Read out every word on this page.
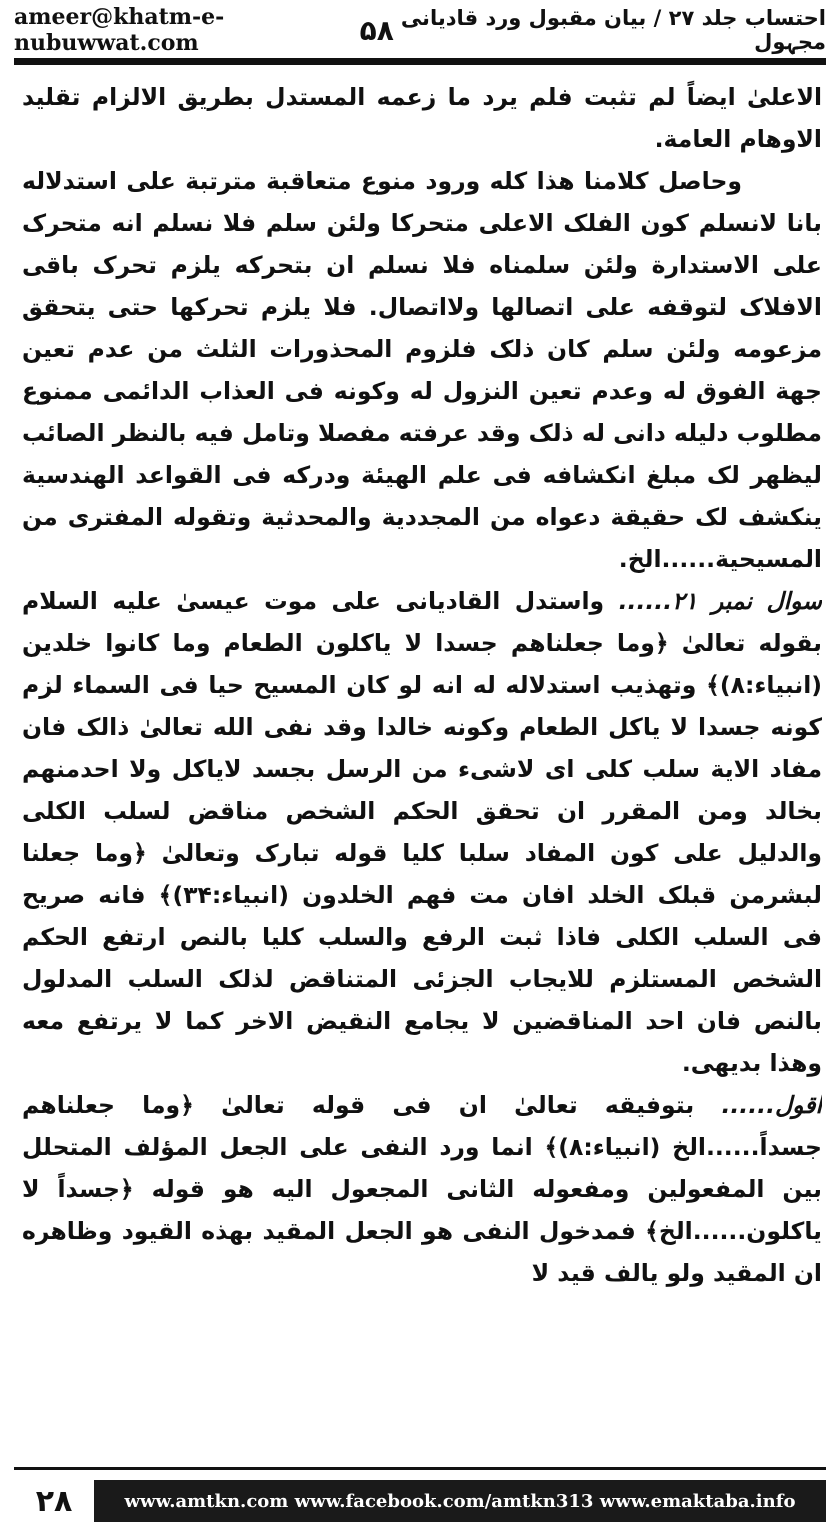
ameer@khatm-e-nubuwwat.com	۵۸ احتساب جلد ۲۷ / بیان مقبول ورد قادیانی مجہول

الاعلیٰ ایضاً لم تثبت فلم یرد ما زعمه المستدل بطریق الالزام تقلید الاوهام العامة.

وحاصل کلامنا هذا کله ورود منوع متعاقبة مترتبة علی استدلاله بانا لانسلم کون الفلک الاعلی متحرکا ولئن سلم فلا نسلم انه متحرک علی الاستدارة ولئن سلمناه فلا نسلم ان بتحرکه یلزم تحرک باقی الافلاک لتوقفه علی اتصالها ولااتصال. فلا یلزم تحرکها حتی یتحقق مزعومه ولئن سلم کان ذلک فلزوم المحذورات الثلث من عدم تعین جهة الفوق له وعدم تعین النزول له وکونه فی العذاب الدائمی ممنوع مطلوب دلیله دانی له ذلک وقد عرفته مفصلا وتامل فیه بالنظر الصائب لیظهر لک مبلغ انکشافه فی علم الهیئة ودرکه فی القواعد الهندسیة ینکشف لک حقیقة دعواه من المجددیة والمحدثیة وتقوله المفتری من المسیحیة......الخ.

سوال نمبر ۲۱...... واستدل القادیانی علی موت عیسیٰ علیه السلام بقوله تعالیٰ ﴿وما جعلناهم جسدا لا یاکلون الطعام وما کانوا خلدین (انبیاء:۸)﴾ وتهذیب استدلاله له انه لو کان المسیح حیا فی السماء لزم کونه جسدا لا یاکل الطعام وکونه خالدا وقد نفی الله تعالیٰ ذالک فان مفاد الایة سلب کلی ای لاشیء من الرسل بجسد لایاکل ولا احدمنهم بخالد ومن المقرر ان تحقق الحکم الشخص مناقض لسلب الکلی والدلیل علی کون المفاد سلبا کلیا قوله تبارک وتعالیٰ ﴿وما جعلنا لبشرمن قبلک الخلد افان مت فهم الخلدون (انبیاء:۳۴)﴾ فانه صریح فی السلب الکلی فاذا ثبت الرفع والسلب کلیا بالنص ارتفع الحکم الشخص المستلزم للایجاب الجزئی المتناقض لذلک السلب المدلول بالنص فان احد المناقضین لا یجامع النقیض الاخر کما لا یرتفع معه وهذا بدیهی.

اقول...... بتوفیقه تعالیٰ ان فی قوله تعالیٰ ﴿وما جعلناهم جسداً......الخ (انبیاء:۸)﴾ انما ورد النفی علی الجعل المؤلف المتحلل بین المفعولین ومفعوله الثانی المجعول الیه هو قوله ﴿جسداً لا یاکلون......الخ﴾ فمدخول النفی هو الجعل المقید بهذه القیود وظاهره ان المقید ولو یالف قید لا

۲۸	www.amtkn.com www.facebook.com/amtkn313 www.emaktaba.info
